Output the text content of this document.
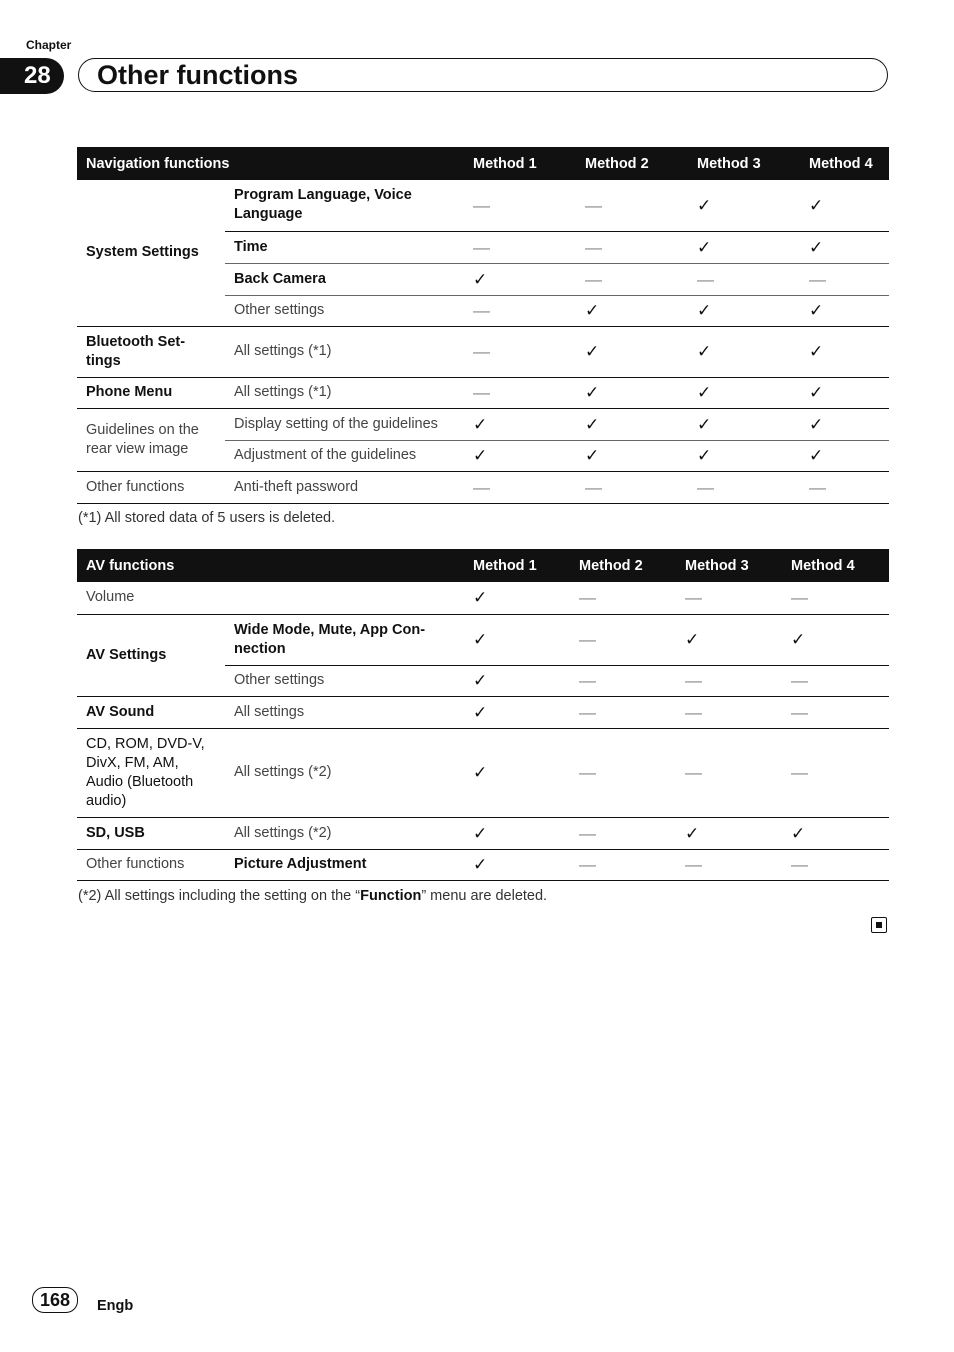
Chapter
28	Other functions
Navigation functions		Method 1	Method 2	Method 3	Method 4
System Settings	Program Language, Voice Language	—	—	✓	✓
	Time	—	—	✓	✓
	Back Camera	✓	—	—	—
	Other settings	—	✓	✓	✓
Bluetooth Set-tings	All settings (*1)	—	✓	✓	✓
Phone Menu	All settings (*1)	—	✓	✓	✓
Guidelines on the rear view image	Display setting of the guidelines	✓	✓	✓	✓
	Adjustment of the guidelines	✓	✓	✓	✓
Other functions	Anti-theft password	—	—	—	—
(*1) All stored data of 5 users is deleted.
AV functions		Method 1	Method 2	Method 3	Method 4
Volume		✓	—	—	—
AV Settings	Wide Mode, Mute, App Con-nection	✓	—	✓	✓
	Other settings	✓	—	—	—
AV Sound	All settings	✓	—	—	—
CD, ROM, DVD-V, DivX, FM, AM, Audio (Bluetooth audio)	All settings (*2)	✓	—	—	—
SD, USB	All settings (*2)	✓	—	✓	✓
Other functions	Picture Adjustment	✓	—	—	—
(*2) All settings including the setting on the “Function” menu are deleted.
168	Engb
